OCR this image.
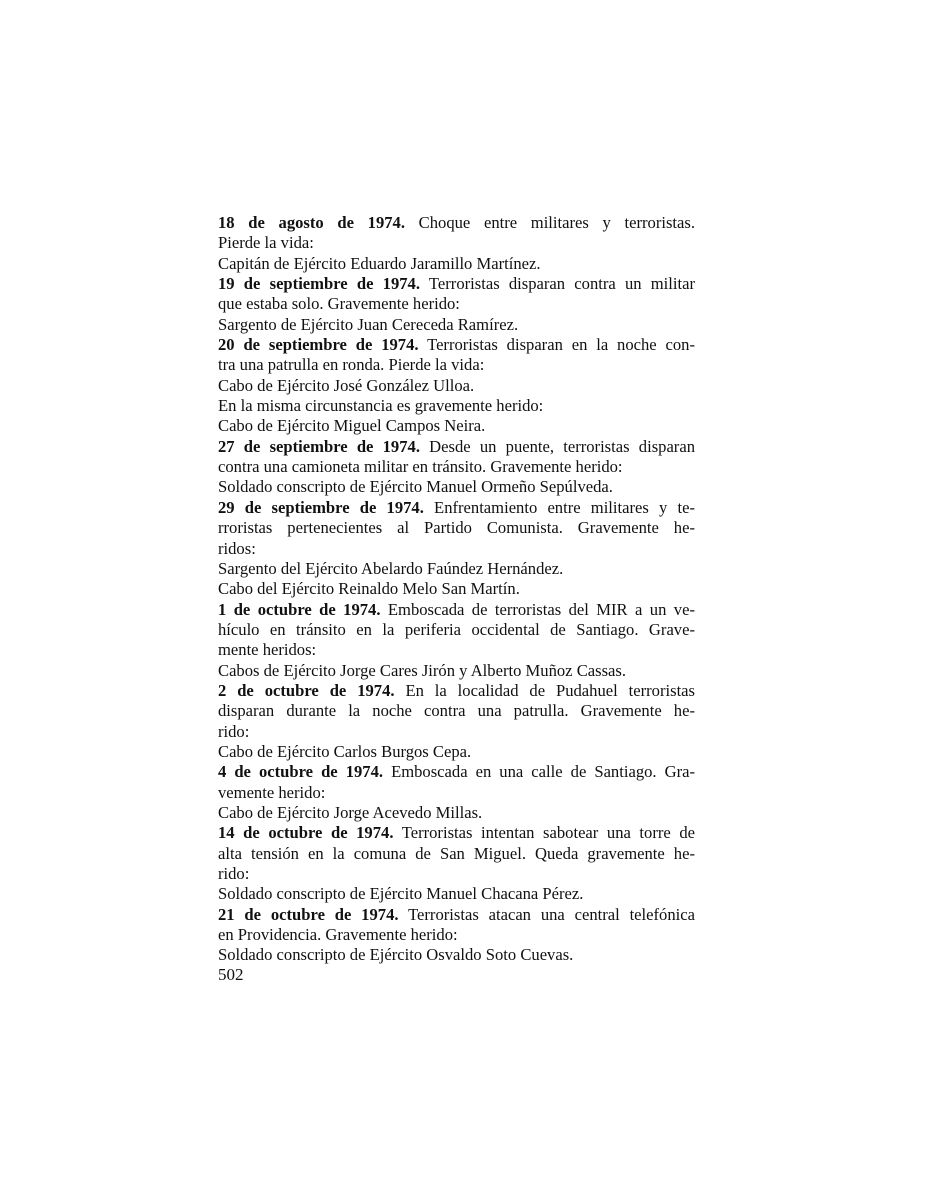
18 de agosto de 1974. Choque entre militares y terroristas.
Pierde la vida:
Capitán de Ejército Eduardo Jaramillo Martínez.
19 de septiembre de 1974. Terroristas disparan contra un militar
que estaba solo. Gravemente herido:
Sargento de Ejército Juan Cereceda Ramírez.
20 de septiembre de 1974. Terroristas disparan en la noche con-
tra una patrulla en ronda. Pierde la vida:
Cabo de Ejército José González Ulloa.
En la misma circunstancia es gravemente herido:
Cabo de Ejército Miguel Campos Neira.
27 de septiembre de 1974. Desde un puente, terroristas disparan
contra una camioneta militar en tránsito. Gravemente herido:
Soldado conscripto de Ejército Manuel Ormeño Sepúlveda.
29 de septiembre de 1974. Enfrentamiento entre militares y te-
rroristas pertenecientes al Partido Comunista. Gravemente he-
ridos:
Sargento del Ejército Abelardo Faúndez Hernández.
Cabo del Ejército Reinaldo Melo San Martín.
1 de octubre de 1974. Emboscada de terroristas del MIR a un ve-
hículo en tránsito en la periferia occidental de Santiago. Grave-
mente heridos:
Cabos de Ejército Jorge Cares Jirón y Alberto Muñoz Cassas.
2 de octubre de 1974. En la localidad de Pudahuel terroristas
disparan durante la noche contra una patrulla. Gravemente he-
rido:
Cabo de Ejército Carlos Burgos Cepa.
4 de octubre de 1974. Emboscada en una calle de Santiago. Gra-
vemente herido:
Cabo de Ejército Jorge Acevedo Millas.
14 de octubre de 1974. Terroristas intentan sabotear una torre de
alta tensión en la comuna de San Miguel. Queda gravemente he-
rido:
Soldado conscripto de Ejército Manuel Chacana Pérez.
21 de octubre de 1974. Terroristas atacan una central telefónica
en Providencia. Gravemente herido:
Soldado conscripto de Ejército Osvaldo Soto Cuevas.
502
